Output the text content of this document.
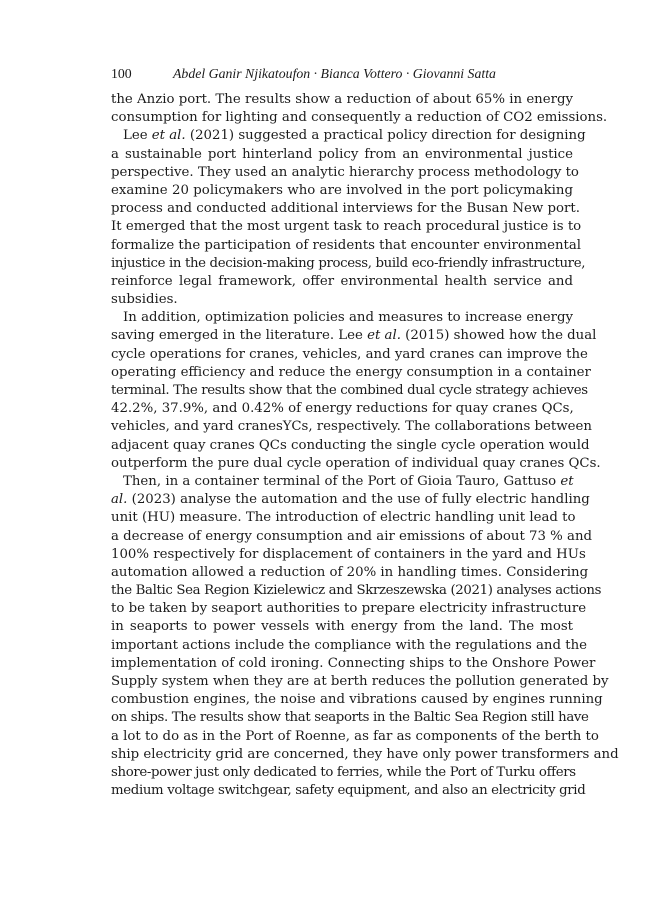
100	Abdel Ganir Njikatoufon · Bianca Vottero · Giovanni Satta
the Anzio port. The results show a reduction of about 65% in energy
consumption for lighting and consequently a reduction of CO2 emissions.
Lee et al. (2021) suggested a practical policy direction for designing
a sustainable port hinterland policy from an environmental justice
perspective. They used an analytic hierarchy process methodology to
examine 20 policymakers who are involved in the port policymaking
process and conducted additional interviews for the Busan New port.
It emerged that the most urgent task to reach procedural justice is to
formalize the participation of residents that encounter environmental
injustice in the decision-making process, build eco-friendly infrastructure,
reinforce legal framework, offer environmental health service and
subsidies.
In addition, optimization policies and measures to increase energy
saving emerged in the literature. Lee et al. (2015) showed how the dual
cycle operations for cranes, vehicles, and yard cranes can improve the
operating efficiency and reduce the energy consumption in a container
terminal. The results show that the combined dual cycle strategy achieves
42.2%, 37.9%, and 0.42% of energy reductions for quay cranes QCs,
vehicles, and yard cranesYCs, respectively. The collaborations between
adjacent quay cranes QCs conducting the single cycle operation would
outperform the pure dual cycle operation of individual quay cranes QCs.
Then, in a container terminal of the Port of Gioia Tauro, Gattuso et
al. (2023) analyse the automation and the use of fully electric handling
unit (HU) measure. The introduction of electric handling unit lead to
a decrease of energy consumption and air emissions of about 73 % and
100% respectively for displacement of containers in the yard and HUs
automation allowed a reduction of 20% in handling times. Considering
the Baltic Sea Region Kizielewicz and Skrzeszewska (2021) analyses actions
to be taken by seaport authorities to prepare electricity infrastructure
in seaports to power vessels with energy from the land. The most
important actions include the compliance with the regulations and the
implementation of cold ironing. Connecting ships to the Onshore Power
Supply system when they are at berth reduces the pollution generated by
combustion engines, the noise and vibrations caused by engines running
on ships. The results show that seaports in the Baltic Sea Region still have
a lot to do as in the Port of Roenne, as far as components of the berth to
ship electricity grid are concerned, they have only power transformers and
shore-power just only dedicated to ferries, while the Port of Turku offers
medium voltage switchgear, safety equipment, and also an electricity grid
